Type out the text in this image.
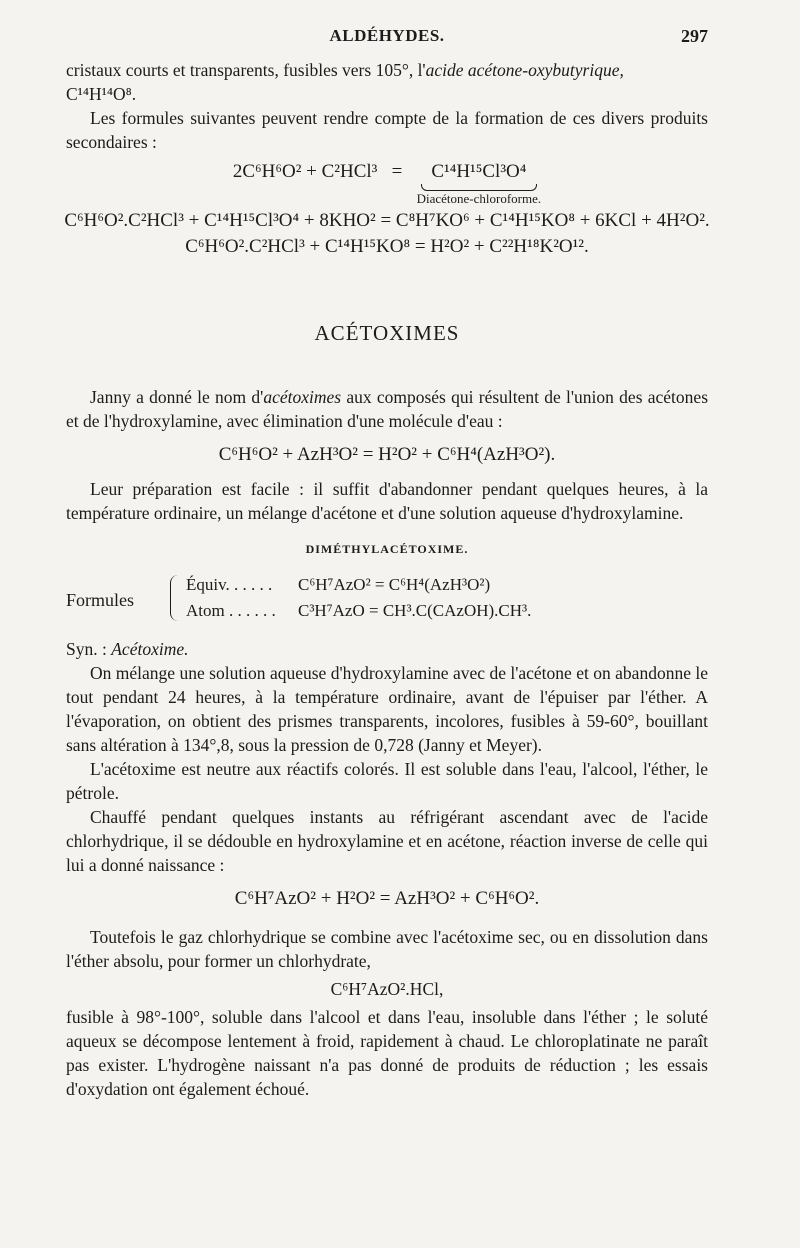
ALDÉHYDES.	297

cristaux courts et transparents, fusibles vers 105°, l'acide acétone-oxybutyrique,
C¹⁴H¹⁴O⁸.

Les formules suivantes peuvent rendre compte de la formation de ces divers produits secondaires :

2C⁶H⁶O² + C²HCl³ = C¹⁴H¹⁵Cl³O⁴
Diacétone-chloroforme.
C⁶H⁶O².C²HCl³ + C¹⁴H¹⁵Cl³O⁴ + 8KHO² = C⁸H⁷KO⁶ + C¹⁴H¹⁵KO⁸ + 6KCl + 4H²O².
C⁶H⁶O².C²HCl³ + C¹⁴H¹⁵KO⁸ = H²O² + C²²H¹⁸K²O¹².
ACÉTOXIMES

Janny a donné le nom d'acétoximes aux composés qui résultent de l'union des acétones et de l'hydroxylamine, avec élimination d'une molécule d'eau :

C⁶H⁶O² + AzH³O² = H²O² + C⁶H⁴(AzH³O²).

Leur préparation est facile : il suffit d'abandonner pendant quelques heures, à la température ordinaire, un mélange d'acétone et d'une solution aqueuse d'hydroxylamine.

DIMÉTHYLACÉTOXIME.
Formules
Équiv. . . . . . C⁶H⁷AzO² = C⁶H⁴(AzH³O²)
Atom . . . . . . C³H⁷AzO = CH³.C(CAzOH).CH³.

Syn. : Acétoxime.

On mélange une solution aqueuse d'hydroxylamine avec de l'acétone et on abandonne le tout pendant 24 heures, à la température ordinaire, avant de l'épuiser par l'éther. A l'évaporation, on obtient des prismes transparents, incolores, fusibles à 59-60°, bouillant sans altération à 134°,8, sous la pression de 0,728 (Janny et Meyer).

L'acétoxime est neutre aux réactifs colorés. Il est soluble dans l'eau, l'alcool, l'éther, le pétrole.

Chauffé pendant quelques instants au réfrigérant ascendant avec de l'acide chlorhydrique, il se dédouble en hydroxylamine et en acétone, réaction inverse de celle qui lui a donné naissance :

C⁶H⁷AzO² + H²O² = AzH³O² + C⁶H⁶O².

Toutefois le gaz chlorhydrique se combine avec l'acétoxime sec, ou en dissolution dans l'éther absolu, pour former un chlorhydrate,

C⁶H⁷AzO².HCl,

fusible à 98°-100°, soluble dans l'alcool et dans l'eau, insoluble dans l'éther ; le soluté aqueux se décompose lentement à froid, rapidement à chaud. Le chloroplatinate ne paraît pas exister. L'hydrogène naissant n'a pas donné de produits de réduction ; les essais d'oxydation ont également échoué.
